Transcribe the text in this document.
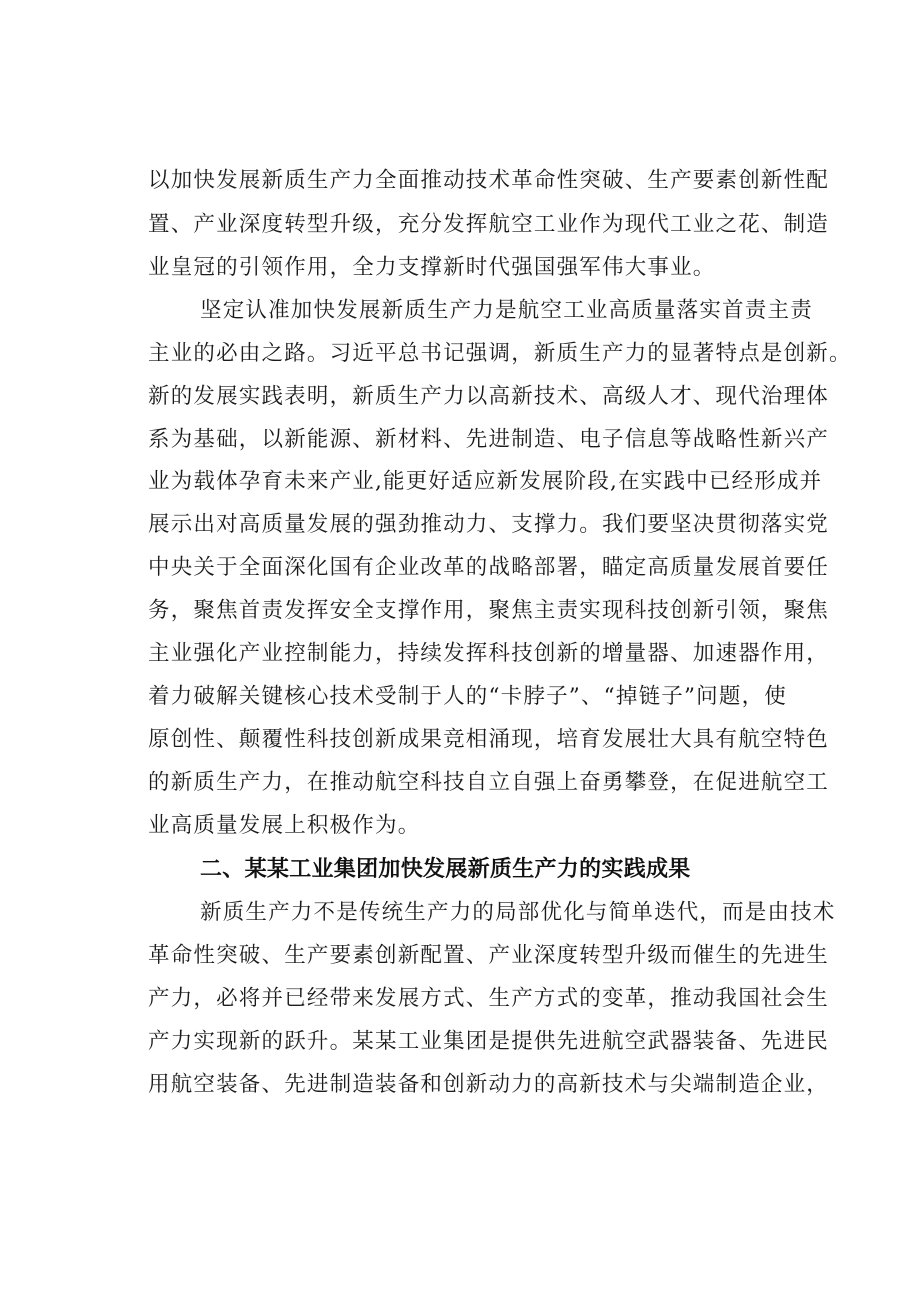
以加快发展新质生产力全面推动技术革命性突破、生产要素创新性配

置、产业深度转型升级，充分发挥航空工业作为现代工业之花、制造

业皇冠的引领作用，全力支撑新时代强国强军伟大事业。

坚定认准加快发展新质生产力是航空工业高质量落实首责主责

主业的必由之路。习近平总书记强调，新质生产力的显著特点是创新。

新的发展实践表明，新质生产力以高新技术、高级人才、现代治理体

系为基础，以新能源、新材料、先进制造、电子信息等战略性新兴产

业为载体孕育未来产业,能更好适应新发展阶段,在实践中已经形成并

展示出对高质量发展的强劲推动力、支撑力。我们要坚决贯彻落实党

中央关于全面深化国有企业改革的战略部署，瞄定高质量发展首要任

务，聚焦首责发挥安全支撑作用，聚焦主责实现科技创新引领，聚焦

主业强化产业控制能力，持续发挥科技创新的增量器、加速器作用，

着力破解关键核心技术受制于人的“卡脖子”、“掉链子”问题，使

原创性、颠覆性科技创新成果竞相涌现，培育发展壮大具有航空特色

的新质生产力，在推动航空科技自立自强上奋勇攀登，在促进航空工

业高质量发展上积极作为。

二、某某工业集团加快发展新质生产力的实践成果

新质生产力不是传统生产力的局部优化与简单迭代，而是由技术

革命性突破、生产要素创新配置、产业深度转型升级而催生的先进生

产力，必将并已经带来发展方式、生产方式的变革，推动我国社会生

产力实现新的跃升。某某工业集团是提供先进航空武器装备、先进民

用航空装备、先进制造装备和创新动力的高新技术与尖端制造企业，
